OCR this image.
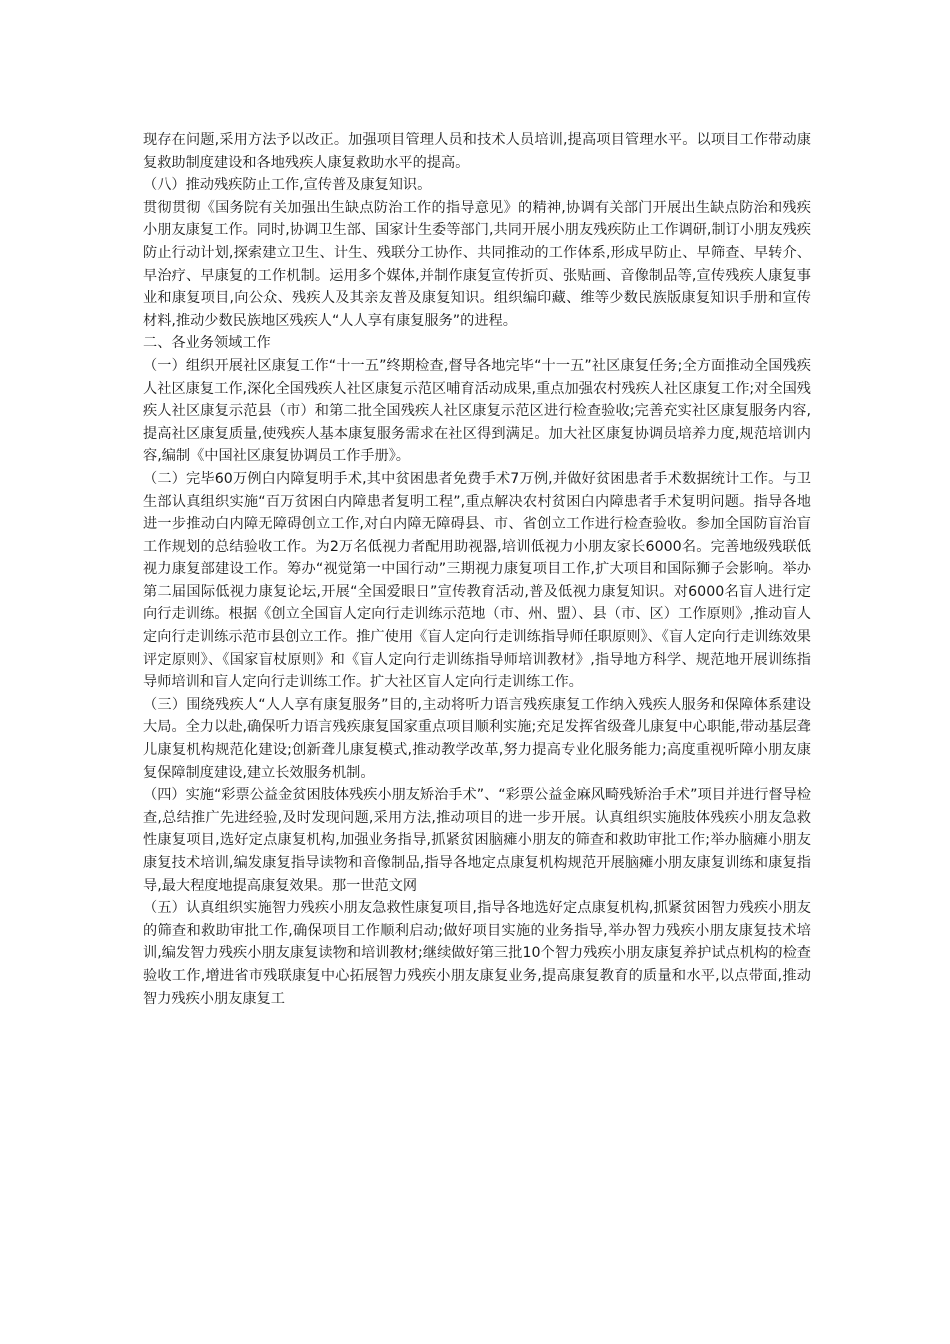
现存在问题,采用方法予以改正。加强项目管理人员和技术人员培训,提高项目管理水平。以项目工作带动康复救助制度建设和各地残疾人康复救助水平的提高。

（八）推动残疾防止工作,宣传普及康复知识。

贯彻贯彻《国务院有关加强出生缺点防治工作的指导意见》的精神,协调有关部门开展出生缺点防治和残疾小朋友康复工作。同时,协调卫生部、国家计生委等部门,共同开展小朋友残疾防止工作调研,制订小朋友残疾防止行动计划,探索建立卫生、计生、残联分工协作、共同推动的工作体系,形成早防止、早筛查、早转介、早治疗、早康复的工作机制。运用多个媒体,并制作康复宣传折页、张贴画、音像制品等,宣传残疾人康复事业和康复项目,向公众、残疾人及其亲友普及康复知识。组织编印藏、维等少数民族版康复知识手册和宣传材料,推动少数民族地区残疾人“人人享有康复服务”的进程。

二、各业务领域工作

（一）组织开展社区康复工作“十一五”终期检查,督导各地完毕“十一五”社区康复任务;全方面推动全国残疾人社区康复工作,深化全国残疾人社区康复示范区哺育活动成果,重点加强农村残疾人社区康复工作;对全国残疾人社区康复示范县（市）和第二批全国残疾人社区康复示范区进行检查验收;完善充实社区康复服务内容,提高社区康复质量,使残疾人基本康复服务需求在社区得到满足。加大社区康复协调员培养力度,规范培训内容,编制《中国社区康复协调员工作手册》。

（二）完毕60万例白内障复明手术,其中贫困患者免费手术7万例,并做好贫困患者手术数据统计工作。与卫生部认真组织实施“百万贫困白内障患者复明工程”,重点解决农村贫困白内障患者手术复明问题。指导各地进一步推动白内障无障碍创立工作,对白内障无障碍县、市、省创立工作进行检查验收。参加全国防盲治盲工作规划的总结验收工作。为2万名低视力者配用助视器,培训低视力小朋友家长6000名。完善地级残联低视力康复部建设工作。筹办“视觉第一中国行动”三期视力康复项目工作,扩大项目和国际狮子会影响。举办第二届国际低视力康复论坛,开展“全国爱眼日”宣传教育活动,普及低视力康复知识。对6000名盲人进行定向行走训练。根据《创立全国盲人定向行走训练示范地（市、州、盟）、县（市、区）工作原则》,推动盲人定向行走训练示范市县创立工作。推广使用《盲人定向行走训练指导师任职原则》、《盲人定向行走训练效果评定原则》、《国家盲杖原则》和《盲人定向行走训练指导师培训教材》,指导地方科学、规范地开展训练指导师培训和盲人定向行走训练工作。扩大社区盲人定向行走训练工作。

（三）围绕残疾人“人人享有康复服务”目的,主动将听力语言残疾康复工作纳入残疾人服务和保障体系建设大局。全力以赴,确保听力语言残疾康复国家重点项目顺利实施;充足发挥省级聋儿康复中心职能,带动基层聋儿康复机构规范化建设;创新聋儿康复模式,推动教学改革,努力提高专业化服务能力;高度重视听障小朋友康复保障制度建设,建立长效服务机制。

（四）实施“彩票公益金贫困肢体残疾小朋友矫治手术”、“彩票公益金麻风畸残矫治手术”项目并进行督导检查,总结推广先进经验,及时发现问题,采用方法,推动项目的进一步开展。认真组织实施肢体残疾小朋友急救性康复项目,选好定点康复机构,加强业务指导,抓紧贫困脑瘫小朋友的筛查和救助审批工作;举办脑瘫小朋友康复技术培训,编发康复指导读物和音像制品,指导各地定点康复机构规范开展脑瘫小朋友康复训练和康复指导,最大程度地提高康复效果。那一世范文网

（五）认真组织实施智力残疾小朋友急救性康复项目,指导各地选好定点康复机构,抓紧贫困智力残疾小朋友的筛查和救助审批工作,确保项目工作顺利启动;做好项目实施的业务指导,举办智力残疾小朋友康复技术培训,编发智力残疾小朋友康复读物和培训教材;继续做好第三批10个智力残疾小朋友康复养护试点机构的检查验收工作,增进省市残联康复中心拓展智力残疾小朋友康复业务,提高康复教育的质量和水平,以点带面,推动智力残疾小朋友康复工
